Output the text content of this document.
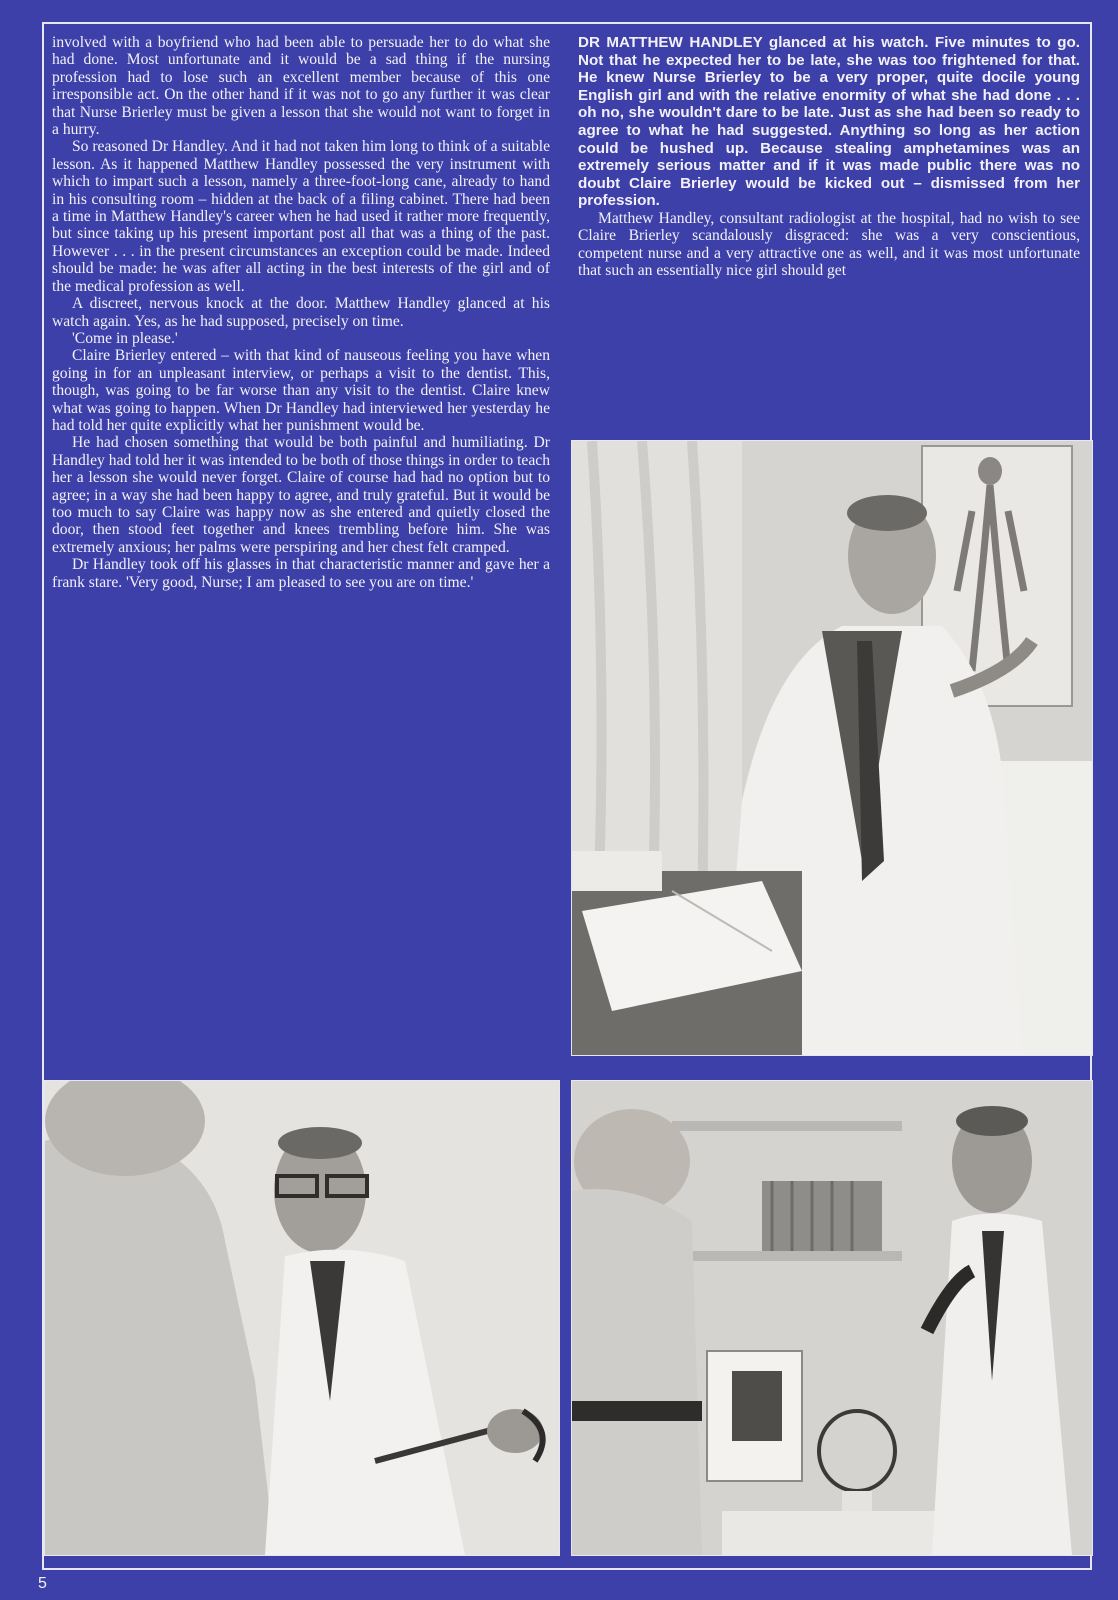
involved with a boyfriend who had been able to persuade her to do what she had done. Most unfortunate and it would be a sad thing if the nursing profession had to lose such an excellent member because of this one irresponsible act. On the other hand if it was not to go any further it was clear that Nurse Brierley must be given a lesson that she would not want to forget in a hurry.

So reasoned Dr Handley. And it had not taken him long to think of a suitable lesson. As it happened Matthew Handley possessed the very instrument with which to impart such a lesson, namely a three-foot-long cane, already to hand in his consulting room – hidden at the back of a filing cabinet. There had been a time in Matthew Handley's career when he had used it rather more frequently, but since taking up his present important post all that was a thing of the past. However . . . in the present circumstances an exception could be made. Indeed should be made: he was after all acting in the best interests of the girl and of the medical profession as well.

A discreet, nervous knock at the door. Matthew Handley glanced at his watch again. Yes, as he had supposed, precisely on time.

'Come in please.'

Claire Brierley entered – with that kind of nauseous feeling you have when going in for an unpleasant interview, or perhaps a visit to the dentist. This, though, was going to be far worse than any visit to the dentist. Claire knew what was going to happen. When Dr Handley had interviewed her yesterday he had told her quite explicitly what her punishment would be.

He had chosen something that would be both painful and humiliating. Dr Handley had told her it was intended to be both of those things in order to teach her a lesson she would never forget. Claire of course had had no option but to agree; in a way she had been happy to agree, and truly grateful. But it would be too much to say Claire was happy now as she entered and quietly closed the door, then stood feet together and knees trembling before him. She was extremely anxious; her palms were perspiring and her chest felt cramped.

Dr Handley took off his glasses in that characteristic manner and gave her a frank stare. 'Very good, Nurse; I am pleased to see you are on time.'

DR MATTHEW HANDLEY glanced at his watch. Five minutes to go. Not that he expected her to be late, she was too frightened for that. He knew Nurse Brierley to be a very proper, quite docile young English girl and with the relative enormity of what she had done . . . oh no, she wouldn't dare to be late. Just as she had been so ready to agree to what he had suggested. Anything so long as her action could be hushed up. Because stealing amphetamines was an extremely serious matter and if it was made public there was no doubt Claire Brierley would be kicked out – dismissed from her profession.

Matthew Handley, consultant radiologist at the hospital, had no wish to see Claire Brierley scandalously disgraced: she was a very conscientious, competent nurse and a very attractive one as well, and it was most unfortunate that such an essentially nice girl should get

5
